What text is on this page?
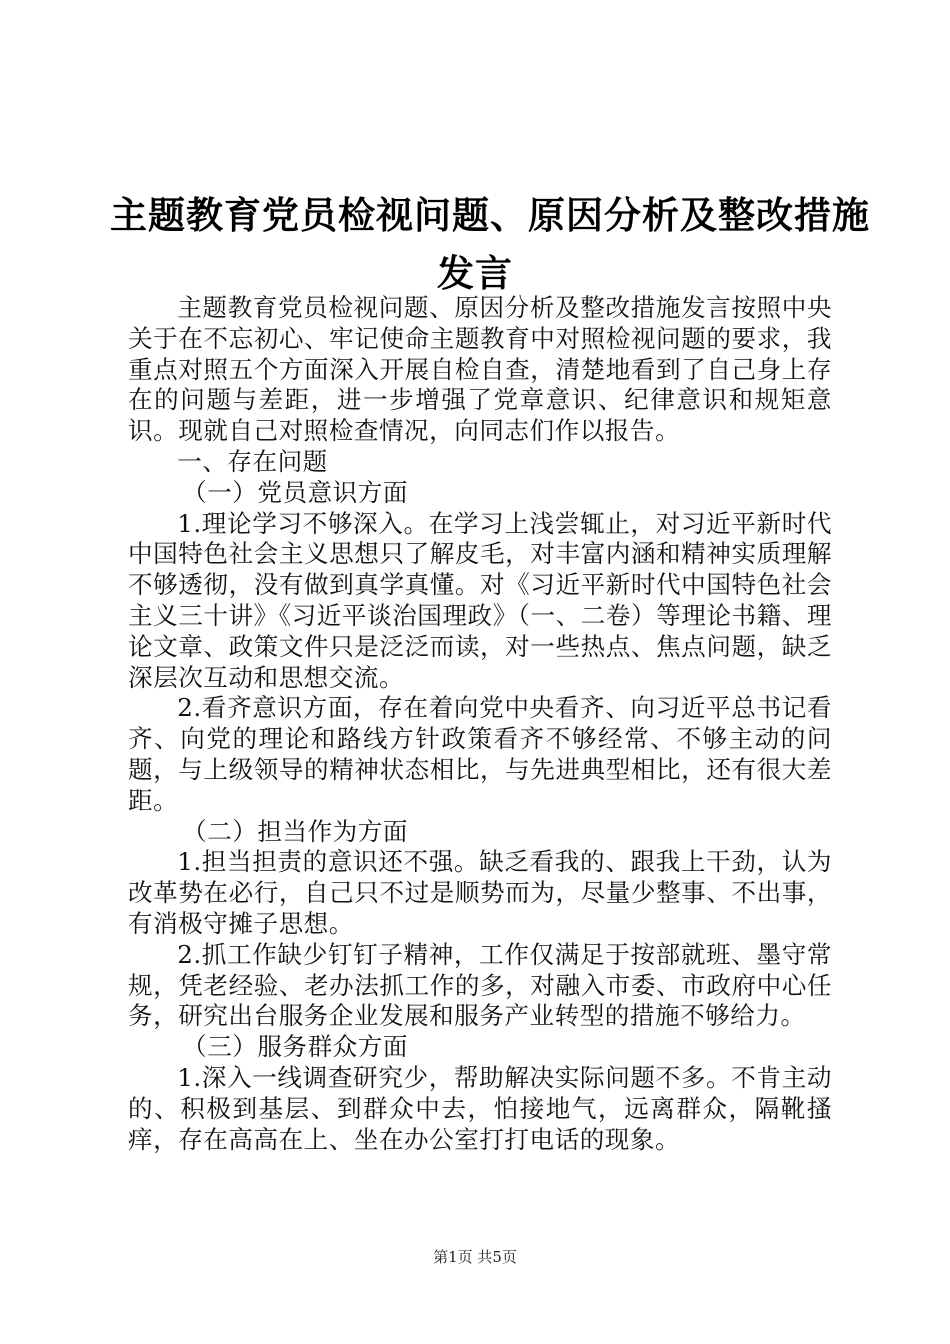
主题教育党员检视问题、原因分析及整改措施
发言

主题教育党员检视问题、原因分析及整改措施发言按照中央关于在不忘初心、牢记使命主题教育中对照检视问题的要求，我重点对照五个方面深入开展自检自查，清楚地看到了自己身上存在的问题与差距，进一步增强了党章意识、纪律意识和规矩意识。现就自己对照检查情况，向同志们作以报告。

一、存在问题

（一）党员意识方面

1.理论学习不够深入。在学习上浅尝辄止，对习近平新时代中国特色社会主义思想只了解皮毛，对丰富内涵和精神实质理解不够透彻，没有做到真学真懂。对《习近平新时代中国特色社会主义三十讲》《习近平谈治国理政》（一、二卷）等理论书籍、理论文章、政策文件只是泛泛而读，对一些热点、焦点问题，缺乏深层次互动和思想交流。

2.看齐意识方面，存在着向党中央看齐、向习近平总书记看齐、向党的理论和路线方针政策看齐不够经常、不够主动的问题，与上级领导的精神状态相比，与先进典型相比，还有很大差距。

（二）担当作为方面

1.担当担责的意识还不强。缺乏看我的、跟我上干劲，认为改革势在必行，自己只不过是顺势而为，尽量少整事、不出事，有消极守摊子思想。

2.抓工作缺少钉钉子精神，工作仅满足于按部就班、墨守常规，凭老经验、老办法抓工作的多，对融入市委、市政府中心任务，研究出台服务企业发展和服务产业转型的措施不够给力。

（三）服务群众方面

1.深入一线调查研究少，帮助解决实际问题不多。不肯主动的、积极到基层、到群众中去，怕接地气，远离群众，隔靴搔痒，存在高高在上、坐在办公室打打电话的现象。

第1页 共5页
